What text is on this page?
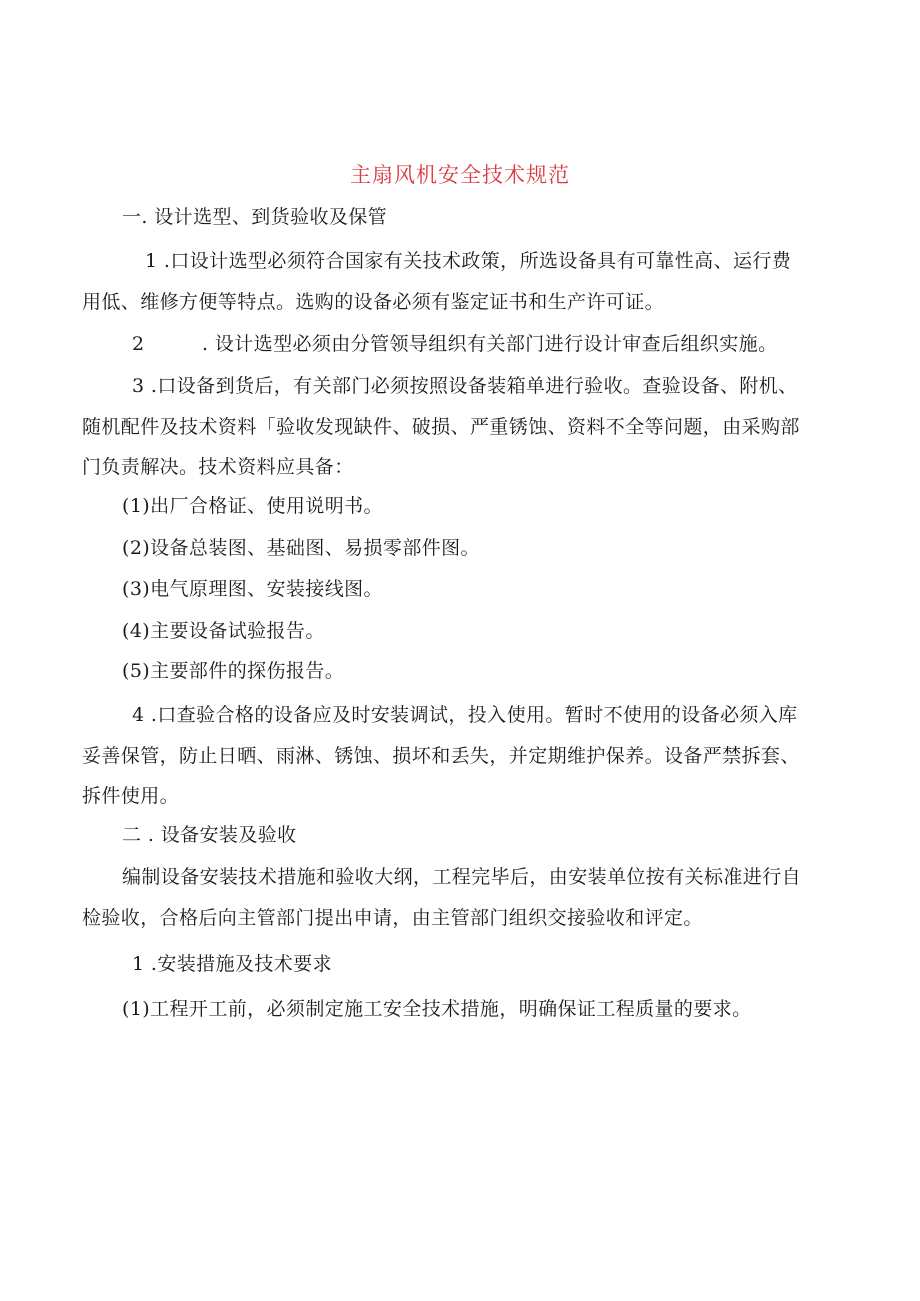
主扇风机安全技术规范
一. 设计选型、到货验收及保管
1 .口设计选型必须符合国家有关技术政策，所选设备具有可靠性高、运行费
用低、维修方便等特点。选购的设备必须有鉴定证书和生产许可证。
2	. 设计选型必须由分管领导组织有关部门进行设计审查后组织实施。
3 .口设备到货后，有关部门必须按照设备装箱单进行验收。查验设备、附机、
随机配件及技术资料「验收发现缺件、破损、严重锈蚀、资料不全等问题，由采购部
门负责解决。技术资料应具备：
(1)出厂合格证、使用说明书。
(2)设备总装图、基础图、易损零部件图。
(3)电气原理图、安装接线图。
(4)主要设备试验报告。
(5)主要部件的探伤报告。
4 .口查验合格的设备应及时安装调试，投入使用。暂时不使用的设备必须入库
妥善保管，防止日晒、雨淋、锈蚀、损坏和丢失，并定期维护保养。设备严禁拆套、
拆件使用。
二 . 设备安装及验收
编制设备安装技术措施和验收大纲，工程完毕后，由安装单位按有关标准进行自
检验收，合格后向主管部门提出申请，由主管部门组织交接验收和评定。
1 .安装措施及技术要求
(1)工程开工前，必须制定施工安全技术措施，明确保证工程质量的要求。
